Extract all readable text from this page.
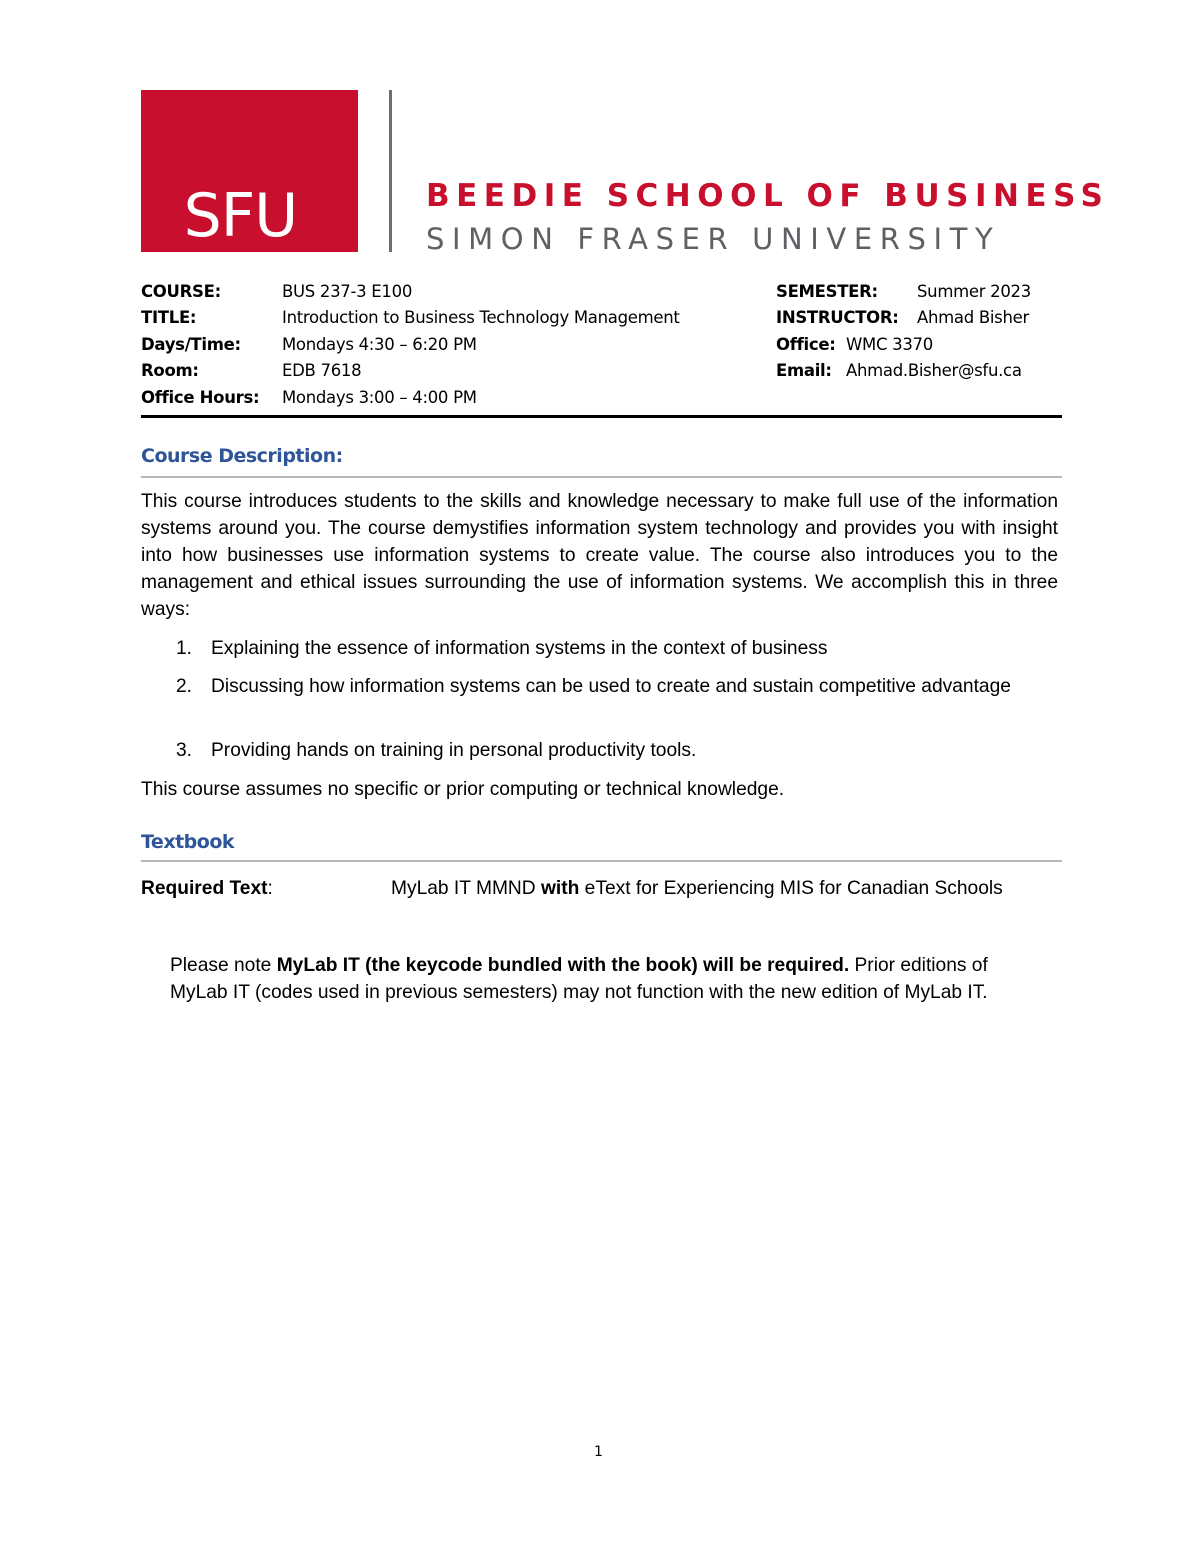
SFU	BEEDIE SCHOOL OF BUSINESS
SIMON FRASER UNIVERSITY
COURSE:	BUS 237-3 E100
TITLE:	Introduction to Business Technology Management
Days/Time: Mondays 4:30 – 6:20 PM
Room:	EDB 7618
Office Hours: Mondays 3:00 – 4:00 PM
SEMESTER: Summer 2023
INSTRUCTOR: Ahmad Bisher
Office: WMC 3370
Email: Ahmad.Bisher@sfu.ca
Course Description:
This course introduces students to the skills and knowledge necessary to make full use of the information systems around you. The course demystifies information system technology and provides you with insight into how businesses use information systems to create value. The course also introduces you to the management and ethical issues surrounding the use of information systems. We accomplish this in three ways:
1. Explaining the essence of information systems in the context of business
2. Discussing how information systems can be used to create and sustain competitive advantage
3. Providing hands on training in personal productivity tools.
This course assumes no specific or prior computing or technical knowledge.
Textbook
Required Text:	MyLab IT MMND with eText for Experiencing MIS for Canadian Schools
Please note MyLab IT (the keycode bundled with the book) will be required. Prior editions of MyLab IT (codes used in previous semesters) may not function with the new edition of MyLab IT.
1
